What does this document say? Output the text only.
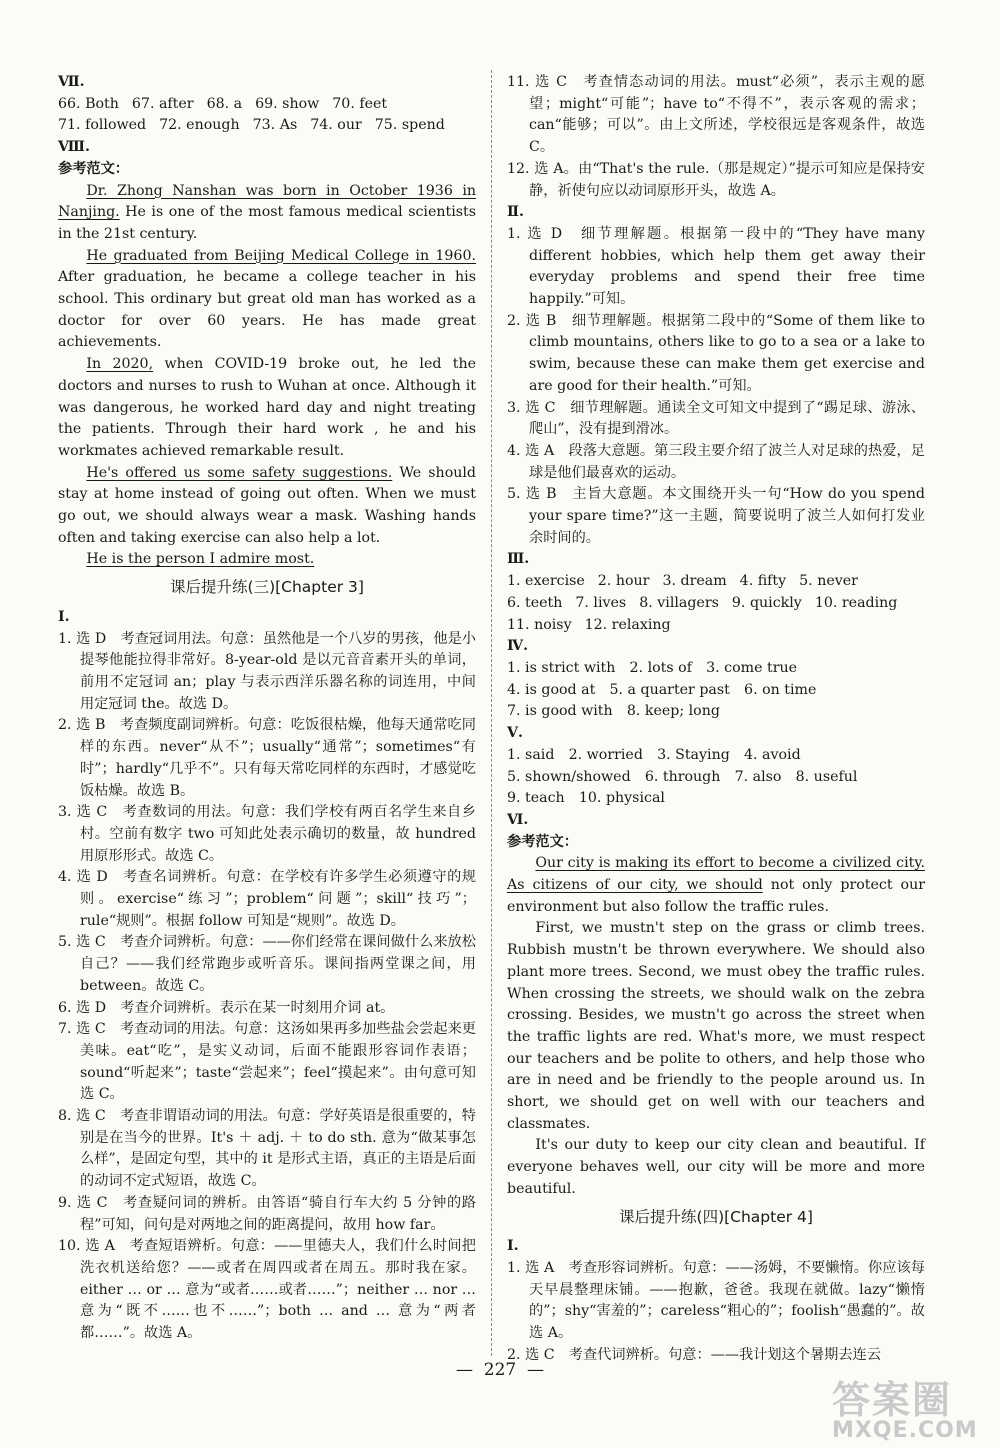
Ⅶ.

66. Both 67. after 68. a 69. show 70. feet
71. followed 72. enough 73. As 74. our 75. spend

Ⅷ.

参考范文：

Dr. Zhong Nanshan was born in October 1936 in Nanjing. He is one of the most famous medical scientists in the 21st century.

He graduated from Beijing Medical College in 1960. After graduation, he became a college teacher in his school. This ordinary but great old man has worked as a doctor for over 60 years. He has made great achievements.

In 2020, when COVID-19 broke out, he led the doctors and nurses to rush to Wuhan at once. Although it was dangerous, he worked hard day and night treating the patients. Through their hard work , he and his workmates achieved remarkable result.

He's offered us some safety suggestions. We should stay at home instead of going out often. When we must go out, we should always wear a mask. Washing hands often and taking exercise can also help a lot.

He is the person I admire most.

课后提升练(三)[Chapter 3]

Ⅰ.

1. 选 D　考查冠词用法。句意：虽然他是一个八岁的男孩，他是小提琴他能拉得非常好。8-year-old 是以元音音素开头的单词，前用不定冠词 an；play 与表示西洋乐器名称的词连用，中间用定冠词 the。故选 D。

2. 选 B　考查频度副词辨析。句意：吃饭很枯燥，他每天通常吃同样的东西。never“从不”；usually“通常”；sometimes“有时”；hardly“几乎不”。只有每天常吃同样的东西时，才感觉吃饭枯燥。故选 B。

3. 选 C　考查数词的用法。句意：我们学校有两百名学生来自乡村。空前有数字 two 可知此处表示确切的数量，故 hundred 用原形形式。故选 C。

4. 选 D　考查名词辨析。句意：在学校有许多学生必须遵守的规则。exercise“练习”；problem“问题”；skill“技巧”；rule“规则”。根据 follow 可知是“规则”。故选 D。

5. 选 C　考查介词辨析。句意：——你们经常在课间做什么来放松自己？——我们经常跑步或听音乐。课间指两堂课之间，用 between。故选 C。

6. 选 D　考查介词辨析。表示在某一时刻用介词 at。

7. 选 C　考查动词的用法。句意：这汤如果再多加些盐会尝起来更美味。eat“吃”，是实义动词，后面不能跟形容词作表语；sound“听起来”；taste“尝起来”；feel“摸起来”。由句意可知选 C。

8. 选 C　考查非谓语动词的用法。句意：学好英语是很重要的，特别是在当今的世界。It's ＋ adj. ＋ to do sth. 意为“做某事怎么样”，是固定句型，其中的 it 是形式主语，真正的主语是后面的动词不定式短语，故选 C。

9. 选 C　考查疑问词的辨析。由答语“骑自行车大约 5 分钟的路程”可知，问句是对两地之间的距离提问，故用 how far。

10. 选 A　考查短语辨析。句意：——里德夫人，我们什么时间把洗衣机送给您？——或者在周四或者在周五。那时我在家。either … or … 意为“或者……或者……”；neither … nor … 意为“既不……也不……”；both … and … 意为“两者都……”。故选 A。

11. 选 C　考查情态动词的用法。must“必须”，表示主观的愿望；might“可能”；have to“不得不”，表示客观的需求；can“能够；可以”。由上文所述，学校很远是客观条件，故选 C。

12. 选 A。由“That's the rule.（那是规定）”提示可知应是保持安静，祈使句应以动词原形开头，故选 A。

Ⅱ.

1. 选 D　细节理解题。根据第一段中的“They have many different hobbies, which help them get away their everyday problems and spend their free time happily.”可知。

2. 选 B　细节理解题。根据第二段中的“Some of them like to climb mountains, others like to go to a sea or a lake to swim, because these can make them get exercise and are good for their health.”可知。

3. 选 C　细节理解题。通读全文可知文中提到了“踢足球、游泳、爬山”，没有提到滑冰。

4. 选 A　段落大意题。第三段主要介绍了波兰人对足球的热爱，足球是他们最喜欢的运动。

5. 选 B　主旨大意题。本文围绕开头一句“How do you spend your spare time?”这一主题，简要说明了波兰人如何打发业余时间的。

Ⅲ.

1. exercise 2. hour 3. dream 4. fifty 5. never
6. teeth 7. lives 8. villagers 9. quickly 10. reading
11. noisy 12. relaxing

Ⅳ.

1. is strict with　2. lots of　3. come true

4. is good at　5. a quarter past　6. on time

7. is good with　8. keep; long

Ⅴ.

1. said　2. worried　3. Staying　4. avoid

5. shown/showed　6. through　7. also　8. useful

9. teach　10. physical

Ⅵ.

参考范文：

Our city is making its effort to become a civilized city. As citizens of our city, we should not only protect our environment but also follow the traffic rules.

First, we mustn't step on the grass or climb trees. Rubbish mustn't be thrown everywhere. We should also plant more trees. Second, we must obey the traffic rules. When crossing the streets, we should walk on the zebra crossing. Besides, we mustn't go across the street when the traffic lights are red. What's more, we must respect our teachers and be polite to others, and help those who are in need and be friendly to the people around us. In short, we should get on well with our teachers and classmates.

It's our duty to keep our city clean and beautiful. If everyone behaves well, our city will be more and more beautiful.

课后提升练(四)[Chapter 4]

Ⅰ.

1. 选 A　考查形容词辨析。句意：——汤姆，不要懒惰。你应该每天早晨整理床铺。——抱歉，爸爸。我现在就做。lazy“懒惰的”；shy“害羞的”；careless“粗心的”；foolish“愚蠢的”。故选 A。

2. 选 C　考查代词辨析。句意：——我计划这个暑期去连云

—  227  —
答案圈
MXQE.COM
